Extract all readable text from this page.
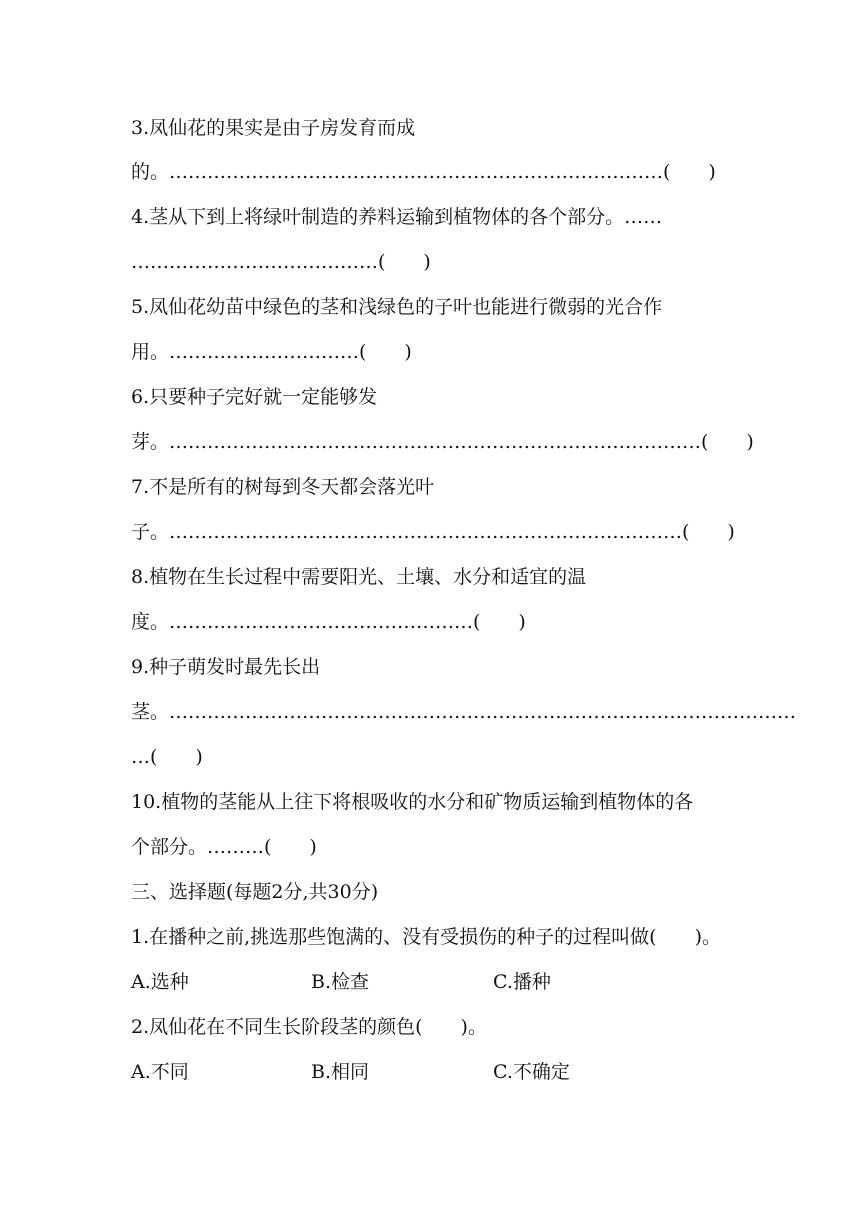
3.凤仙花的果实是由子房发育而成
的。……………………………………………………………………(　　)
4.茎从下到上将绿叶制造的养料运输到植物体的各个部分。……
…………………………………(　　)
5.凤仙花幼苗中绿色的茎和浅绿色的子叶也能进行微弱的光合作
用。…………………………(　　)
6.只要种子完好就一定能够发
芽。…………………………………………………………………………(　　)
7.不是所有的树每到冬天都会落光叶
子。………………………………………………………………………(　　)
8.植物在生长过程中需要阳光、土壤、水分和适宜的温
度。…………………………………………(　　)
9.种子萌发时最先长出
茎。………………………………………………………………………………………
…(　　)
10.植物的茎能从上往下将根吸收的水分和矿物质运输到植物体的各
个部分。………(　　)
三、选择题(每题2分,共30分)
1.在播种之前,挑选那些饱满的、没有受损伤的种子的过程叫做(　　)。
A.选种	B.检查	C.播种
2.凤仙花在不同生长阶段茎的颜色(　　)。
A.不同	B.相同	C.不确定
